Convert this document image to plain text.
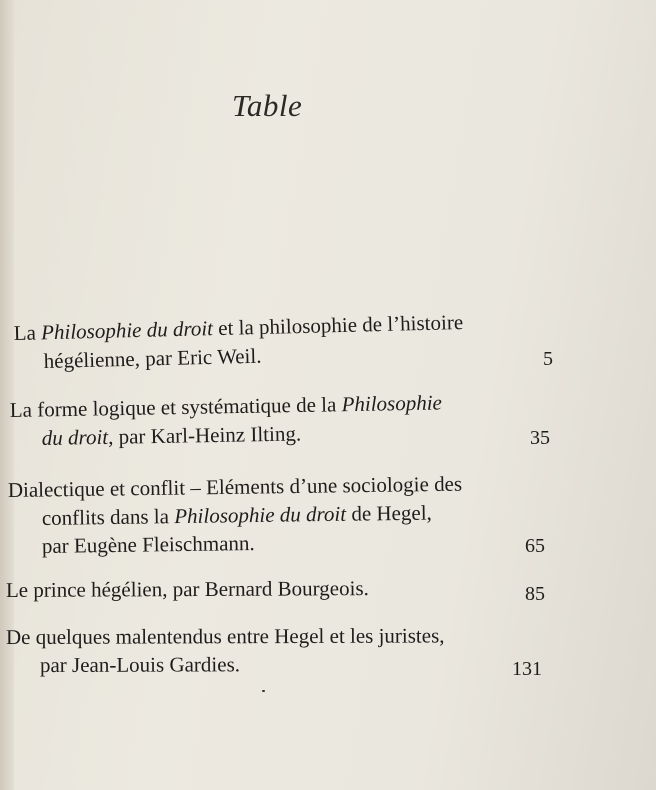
Table
La Philosophie du droit et la philosophie de l’histoire
hégélienne, par Eric Weil.	5
La forme logique et systématique de la Philosophie
du droit, par Karl-Heinz Ilting.	35
Dialectique et conflit – Eléments d’une sociologie des
conflits dans la Philosophie du droit de Hegel,
par Eugène Fleischmann.	65
Le prince hégélien, par Bernard Bourgeois.	85
De quelques malentendus entre Hegel et les juristes,
par Jean-Louis Gardies.	131
